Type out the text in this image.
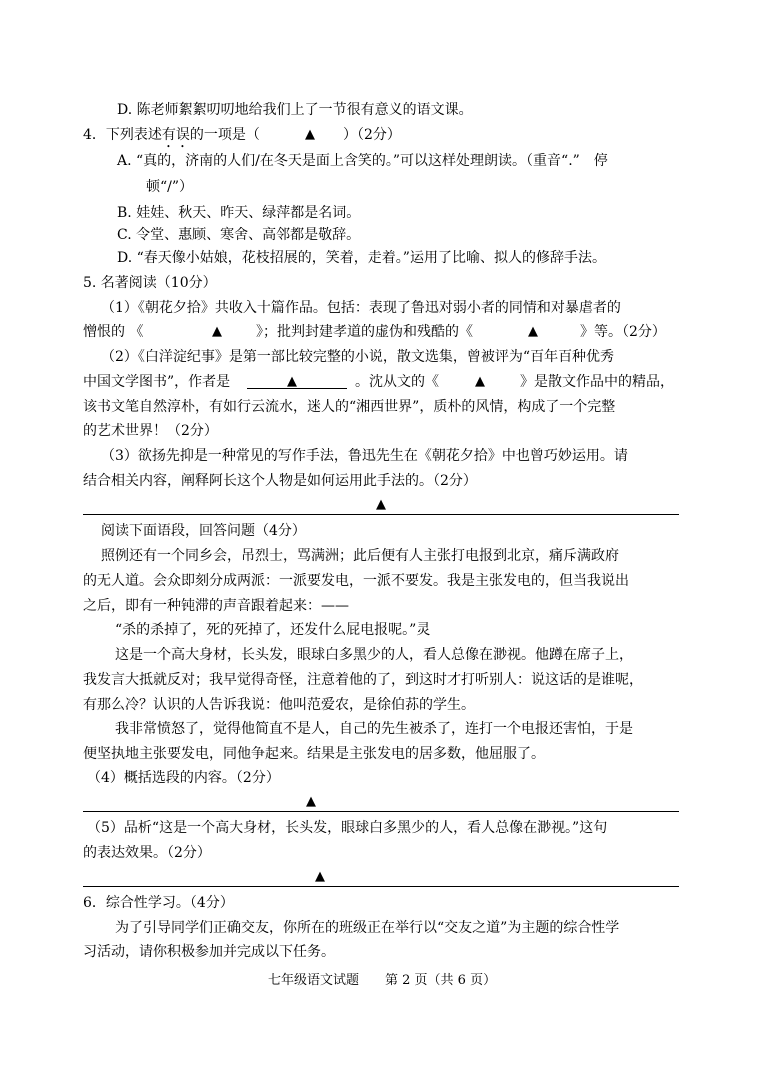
D. 陈老师絮絮叨叨地给我们上了一节很有意义的语文课。
4．下列表述有误的一项是（	▲ ）（2分）
A. “真的，济南的人们/在冬天是面上含笑的。”可以这样处理朗读。（重音“.”　停
顿“/”）
B. 娃娃、秋天、昨天、绿萍都是名词。
C. 令堂、惠顾、寒舍、高邻都是敬辞。
D. “春天像小姑娘，花枝招展的，笑着，走着。”运用了比喻、拟人的修辞手法。
5. 名著阅读（10分）
（1）《朝花夕拾》共收入十篇作品。包括：表现了鲁迅对弱小者的同情和对暴虐者的
憎恨的 《	▲ 》；批判封建孝道的虚伪和残酷的《	▲	》等。（2分）
（2）《白洋淀纪事》是第一部比较完整的小说，散文选集，曾被评为“百年百种优秀
中国文学图书”，作者是	▲	。沈从文的《	▲	》是散文作品中的精品，
该书文笔自然淳朴，有如行云流水，迷人的“湘西世界”，质朴的风情，构成了一个完整
的艺术世界！（2分）
（3）欲扬先抑是一种常见的写作手法，鲁迅先生在《朝花夕拾》中也曾巧妙运用。请
结合相关内容，阐释阿长这个人物是如何运用此手法的。（2分）
▲
阅读下面语段，回答问题（4分）
照例还有一个同乡会，吊烈士，骂满洲；此后便有人主张打电报到北京，痛斥满政府
的无人道。会众即刻分成两派：一派要发电，一派不要发。我是主张发电的，但当我说出
之后，即有一种钝滞的声音跟着起来：——
“杀的杀掉了，死的死掉了，还发什么屁电报呢。”灵
这是一个高大身材，长头发，眼球白多黑少的人，看人总像在渺视。他蹲在席子上，
我发言大抵就反对；我早觉得奇怪，注意着他的了，到这时才打听别人：说这话的是谁呢，
有那么冷？认识的人告诉我说：他叫范爱农，是徐伯荪的学生。
我非常愤怒了，觉得他简直不是人，自己的先生被杀了，连打一个电报还害怕，于是
便坚执地主张要发电，同他争起来。结果是主张发电的居多数，他屈服了。
（4）概括选段的内容。（2分）
▲
（5）品析“这是一个高大身材，长头发，眼球白多黑少的人，看人总像在渺视。”这句
的表达效果。（2分）
▲
6．综合性学习。（4分）
为了引导同学们正确交友，你所在的班级正在举行以“交友之道”为主题的综合性学
习活动，请你积极参加并完成以下任务。
七年级语文试题 第 2 页（共 6 页）
